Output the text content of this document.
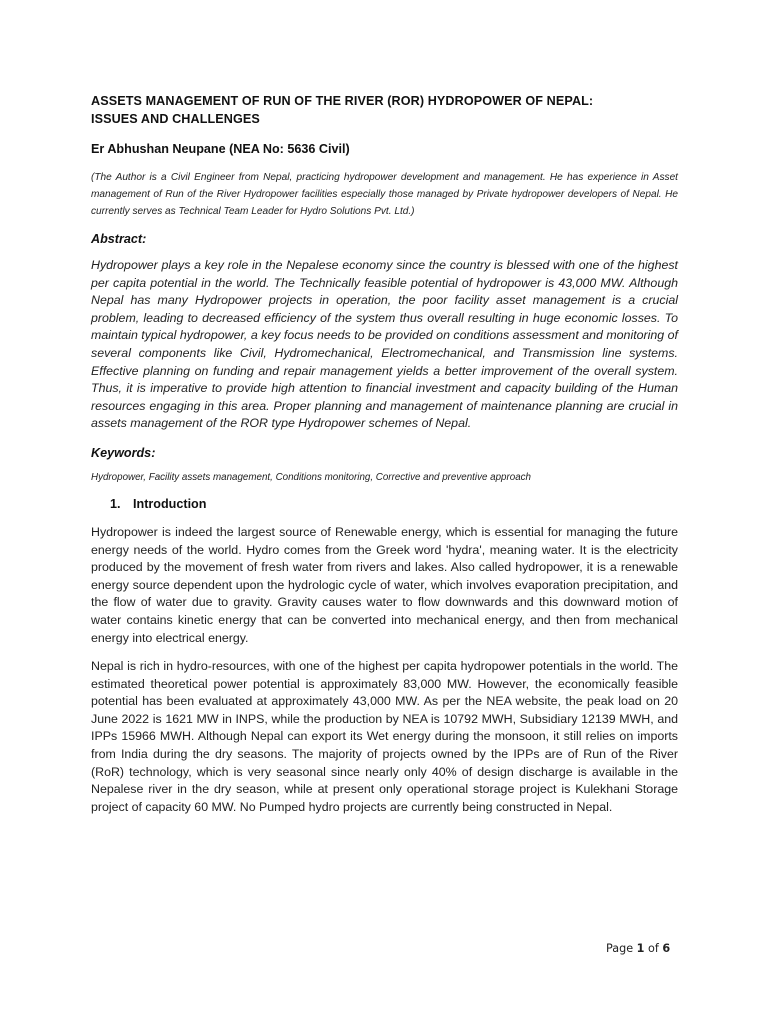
ASSETS MANAGEMENT OF RUN OF THE RIVER (ROR) HYDROPOWER OF NEPAL:
ISSUES AND CHALLENGES
Er Abhushan Neupane (NEA No: 5636 Civil)
(The Author is a Civil Engineer from Nepal, practicing hydropower development and management. He has experience in Asset management of Run of the River Hydropower facilities especially those managed by Private hydropower developers of Nepal. He currently serves as Technical Team Leader for Hydro Solutions Pvt. Ltd.)
Abstract:
Hydropower plays a key role in the Nepalese economy since the country is blessed with one of the highest per capita potential in the world. The Technically feasible potential of hydropower is 43,000 MW. Although Nepal has many Hydropower projects in operation, the poor facility asset management is a crucial problem, leading to decreased efficiency of the system thus overall resulting in huge economic losses. To maintain typical hydropower, a key focus needs to be provided on conditions assessment and monitoring of several components like Civil, Hydromechanical, Electromechanical, and Transmission line systems. Effective planning on funding and repair management yields a better improvement of the overall system. Thus, it is imperative to provide high attention to financial investment and capacity building of the Human resources engaging in this area. Proper planning and management of maintenance planning are crucial in assets management of the ROR type Hydropower schemes of Nepal.
Keywords:
Hydropower, Facility assets management, Conditions monitoring, Corrective and preventive approach
1. Introduction
Hydropower is indeed the largest source of Renewable energy, which is essential for managing the future energy needs of the world. Hydro comes from the Greek word 'hydra', meaning water. It is the electricity produced by the movement of fresh water from rivers and lakes. Also called hydropower, it is a renewable energy source dependent upon the hydrologic cycle of water, which involves evaporation precipitation, and the flow of water due to gravity. Gravity causes water to flow downwards and this downward motion of water contains kinetic energy that can be converted into mechanical energy, and then from mechanical energy into electrical energy.
Nepal is rich in hydro-resources, with one of the highest per capita hydropower potentials in the world. The estimated theoretical power potential is approximately 83,000 MW. However, the economically feasible potential has been evaluated at approximately 43,000 MW. As per the NEA website, the peak load on 20 June 2022 is 1621 MW in INPS, while the production by NEA is 10792 MWH, Subsidiary 12139 MWH, and IPPs 15966 MWH. Although Nepal can export its Wet energy during the monsoon, it still relies on imports from India during the dry seasons. The majority of projects owned by the IPPs are of Run of the River (RoR) technology, which is very seasonal since nearly only 40% of design discharge is available in the Nepalese river in the dry season, while at present only operational storage project is Kulekhani Storage project of capacity 60 MW. No Pumped hydro projects are currently being constructed in Nepal.
Page 1 of 6
